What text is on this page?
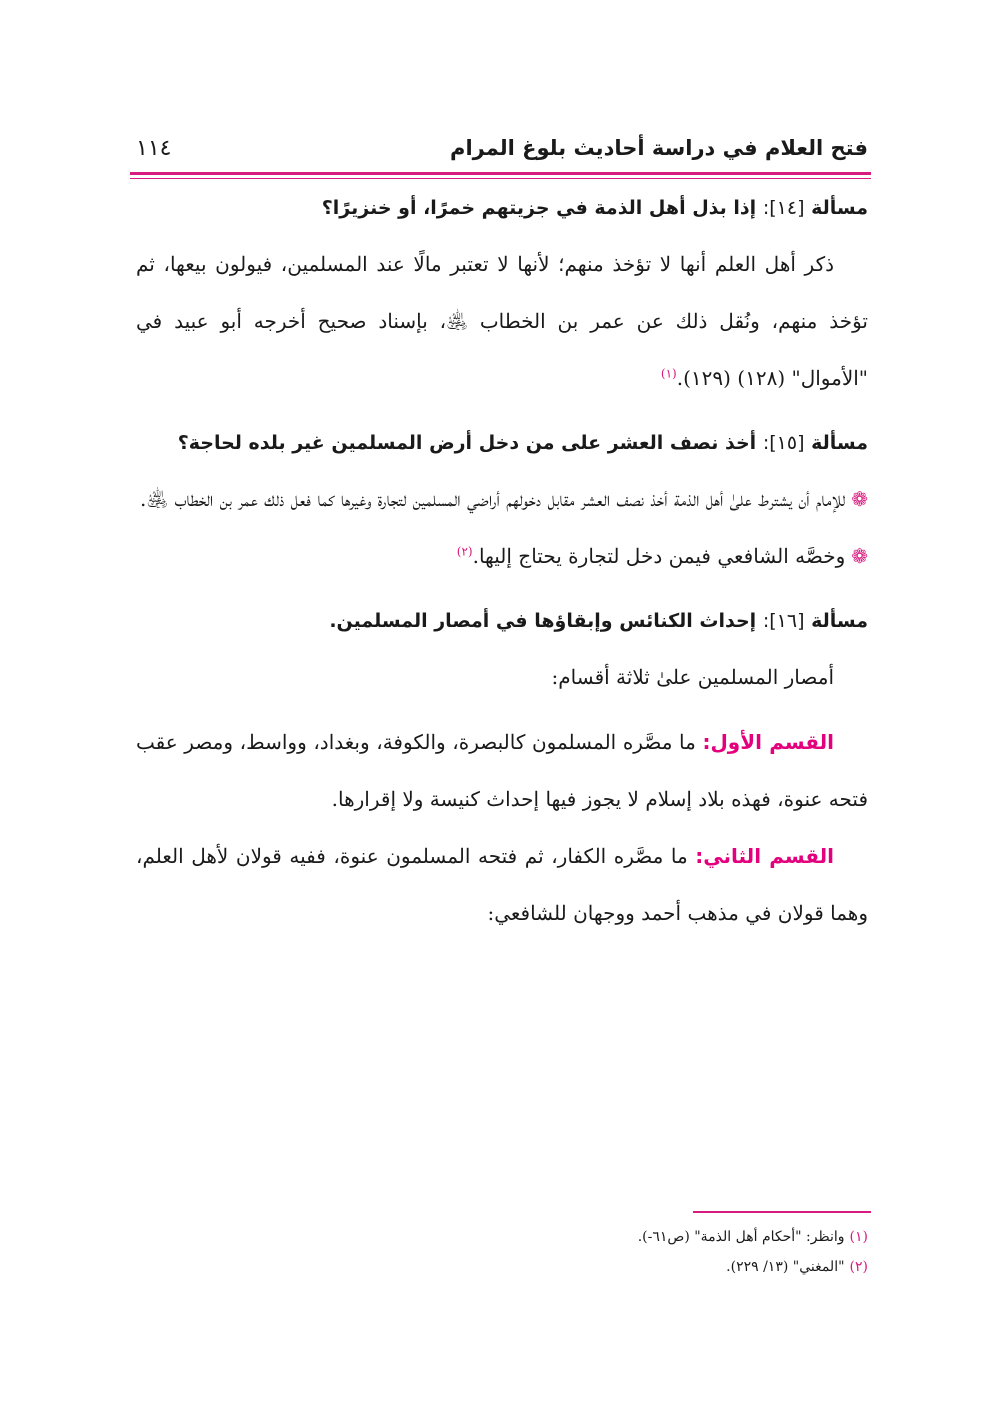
فتح العلام في دراسة أحاديث بلوغ المرام
١١٤
مسألة [١٤]: إذا بذل أهل الذمة في جزيتهم خمرًا، أو خنزيرًا؟

ذكر أهل العلم أنها لا تؤخذ منهم؛ لأنها لا تعتبر مالًا عند المسلمين، فيولون بيعها، ثم تؤخذ منهم، ونُقل ذلك عن عمر بن الخطاب ﵁، بإسناد صحيح أخرجه أبو عبيد في "الأموال" (١٢٨) (١٢٩).$^{(١)}$

مسألة [١٥]: أخذ نصف العشر على من دخل أرض المسلمين غير بلده لحاجة؟

❁للإمام أن يشترط علىٰ أهل الذمة أخذ نصف العشر مقابل دخولهم أراضي المسلمين لتجارة وغيرها كما فعل ذلك عمر بن الخطاب ﵁.

❁وخصَّه الشافعي فيمن دخل لتجارة يحتاج إليها.$^{(٢)}$

مسألة [١٦]: إحداث الكنائس وإبقاؤها في أمصار المسلمين.

أمصار المسلمين علىٰ ثلاثة أقسام:

القسم الأول: ما مصَّره المسلمون كالبصرة، والكوفة، وبغداد، وواسط، ومصر عقب فتحه عنوة، فهذه بلاد إسلام لا يجوز فيها إحداث كنيسة ولا إقرارها.

القسم الثاني: ما مصَّره الكفار، ثم فتحه المسلمون عنوة، ففيه قولان لأهل العلم، وهما قولان في مذهب أحمد ووجهان للشافعي:

(١)وانظر: "أحكام أهل الذمة" (ص٦١-).
(٢)"المغني" (١٣/ ٢٢٩).
